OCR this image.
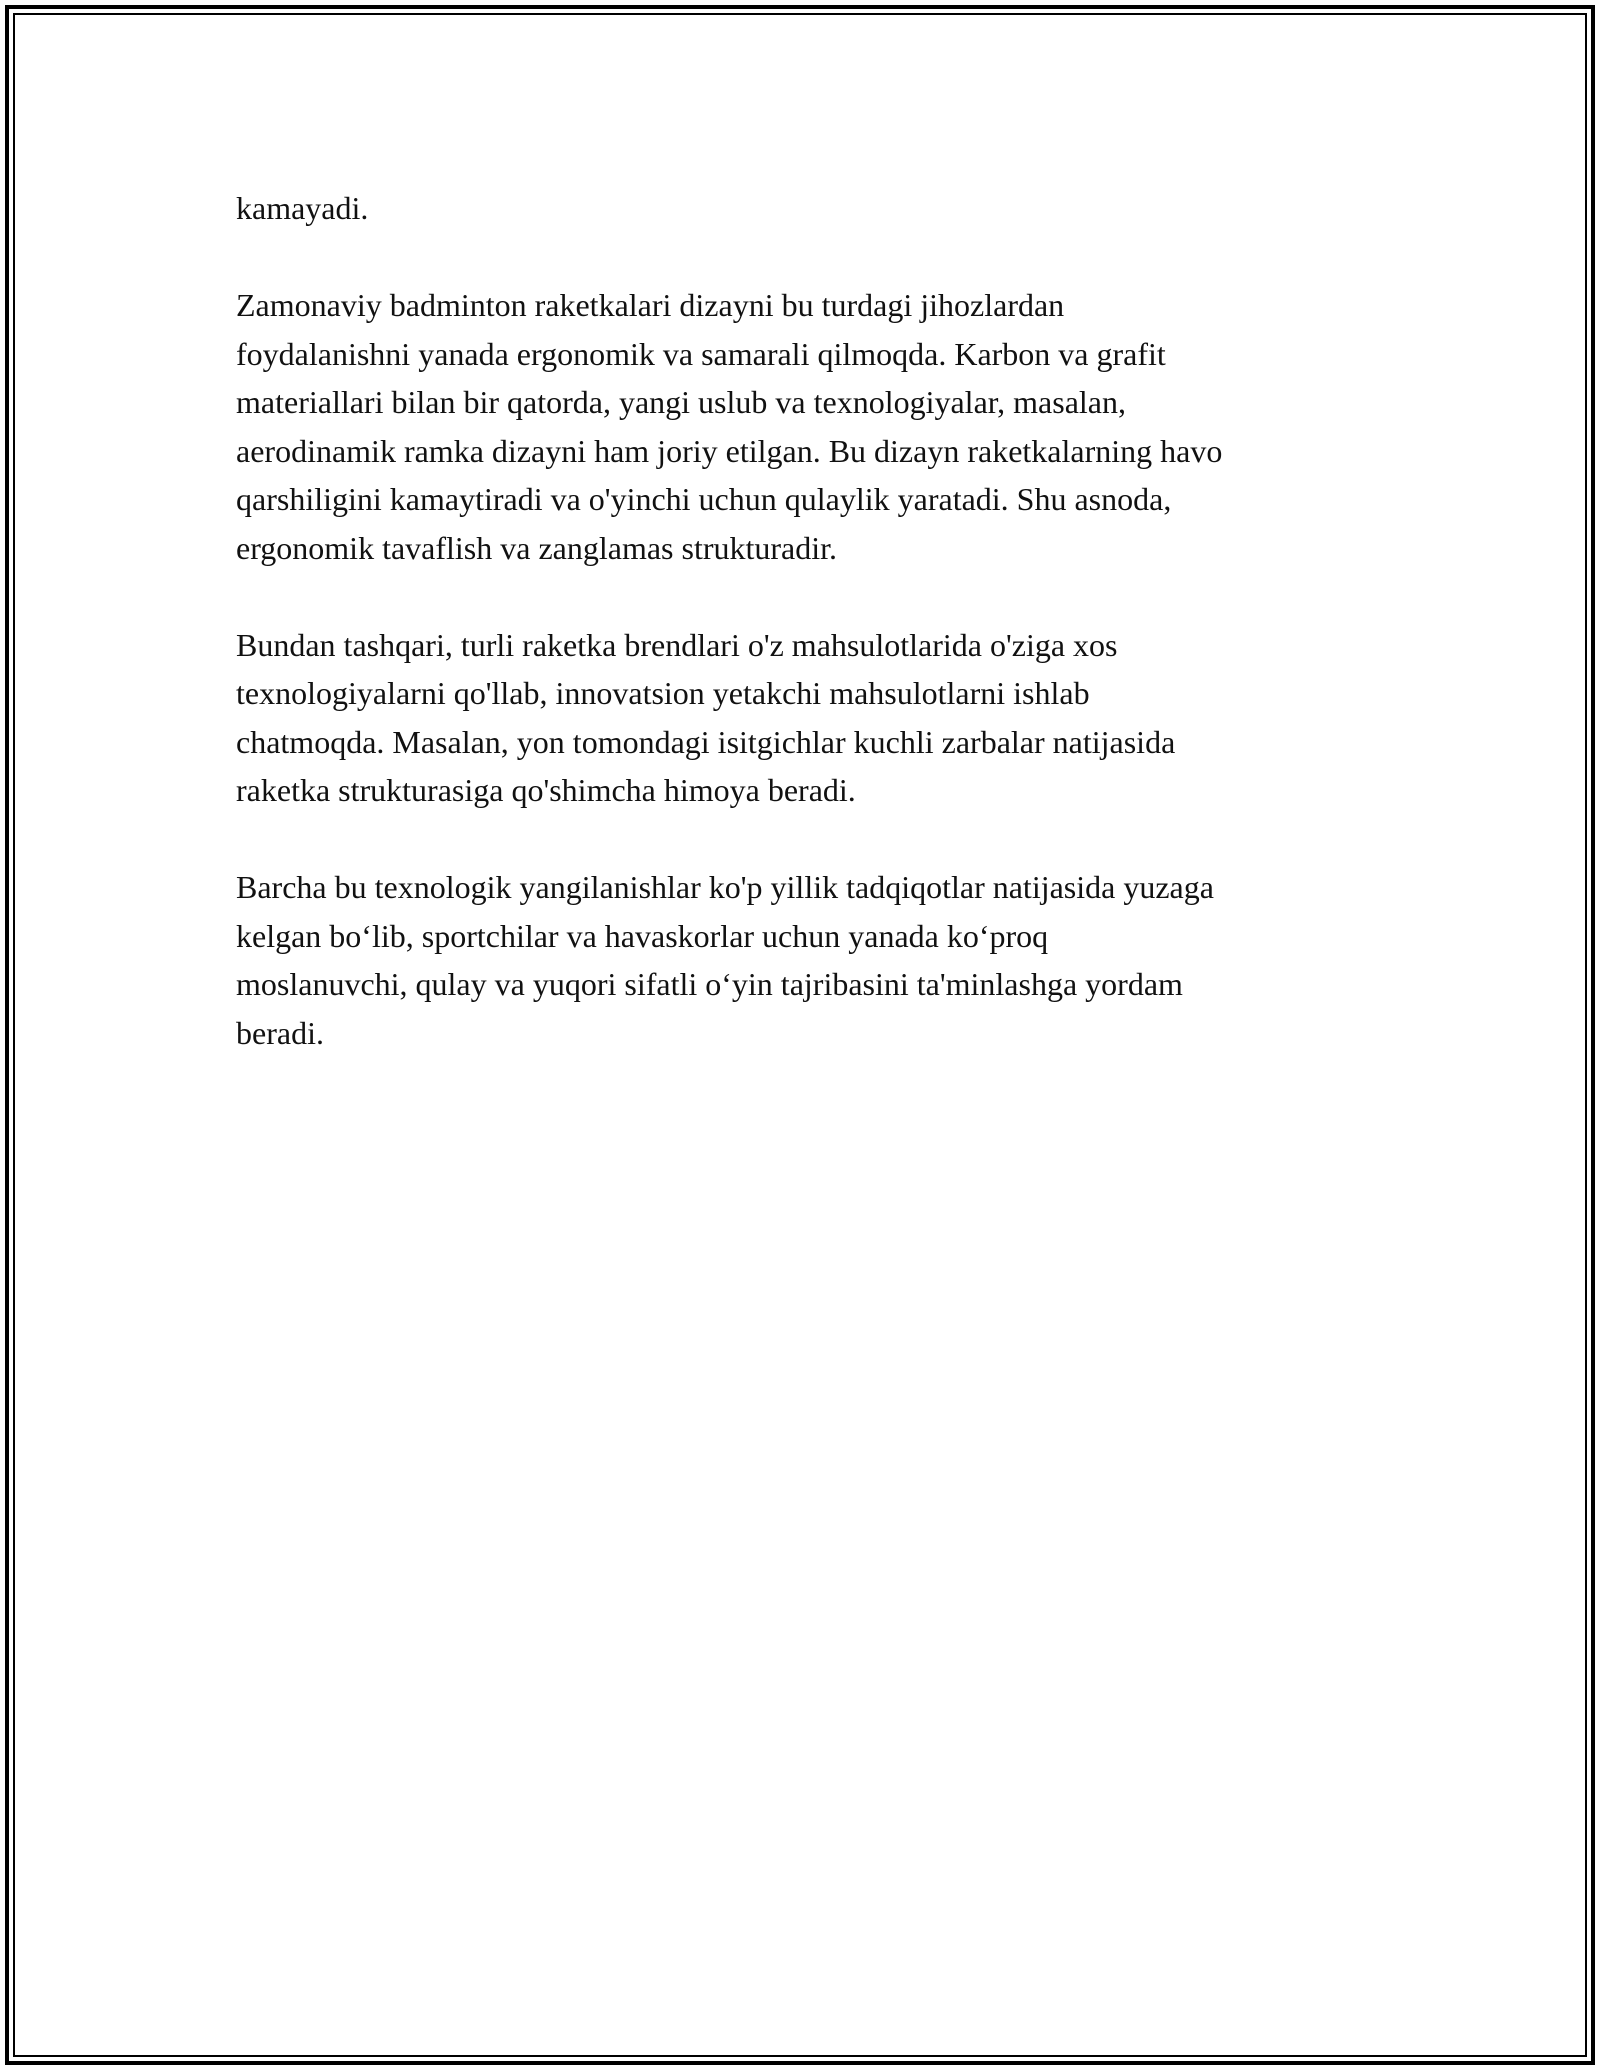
kamayadi.

Zamonaviy badminton raketkalari dizayni bu turdagi jihozlardan
foydalanishni yanada ergonomik va samarali qilmoqda. Karbon va grafit
materiallari bilan bir qatorda, yangi uslub va texnologiyalar, masalan,
aerodinamik ramka dizayni ham joriy etilgan. Bu dizayn raketkalarning havo
qarshiligini kamaytiradi va o'yinchi uchun qulaylik yaratadi. Shu asnoda,
ergonomik tavaflish va zanglamas strukturadir.

Bundan tashqari, turli raketka brendlari o'z mahsulotlarida o'ziga xos
texnologiyalarni qo'llab, innovatsion yetakchi mahsulotlarni ishlab
chatmoqda. Masalan, yon tomondagi isitgichlar kuchli zarbalar natijasida
raketka strukturasiga qo'shimcha himoya beradi.

Barcha bu texnologik yangilanishlar ko'p yillik tadqiqotlar natijasida yuzaga
kelgan bo‘lib, sportchilar va havaskorlar uchun yanada ko‘proq
moslanuvchi, qulay va yuqori sifatli o‘yin tajribasini ta'minlashga yordam
beradi.
